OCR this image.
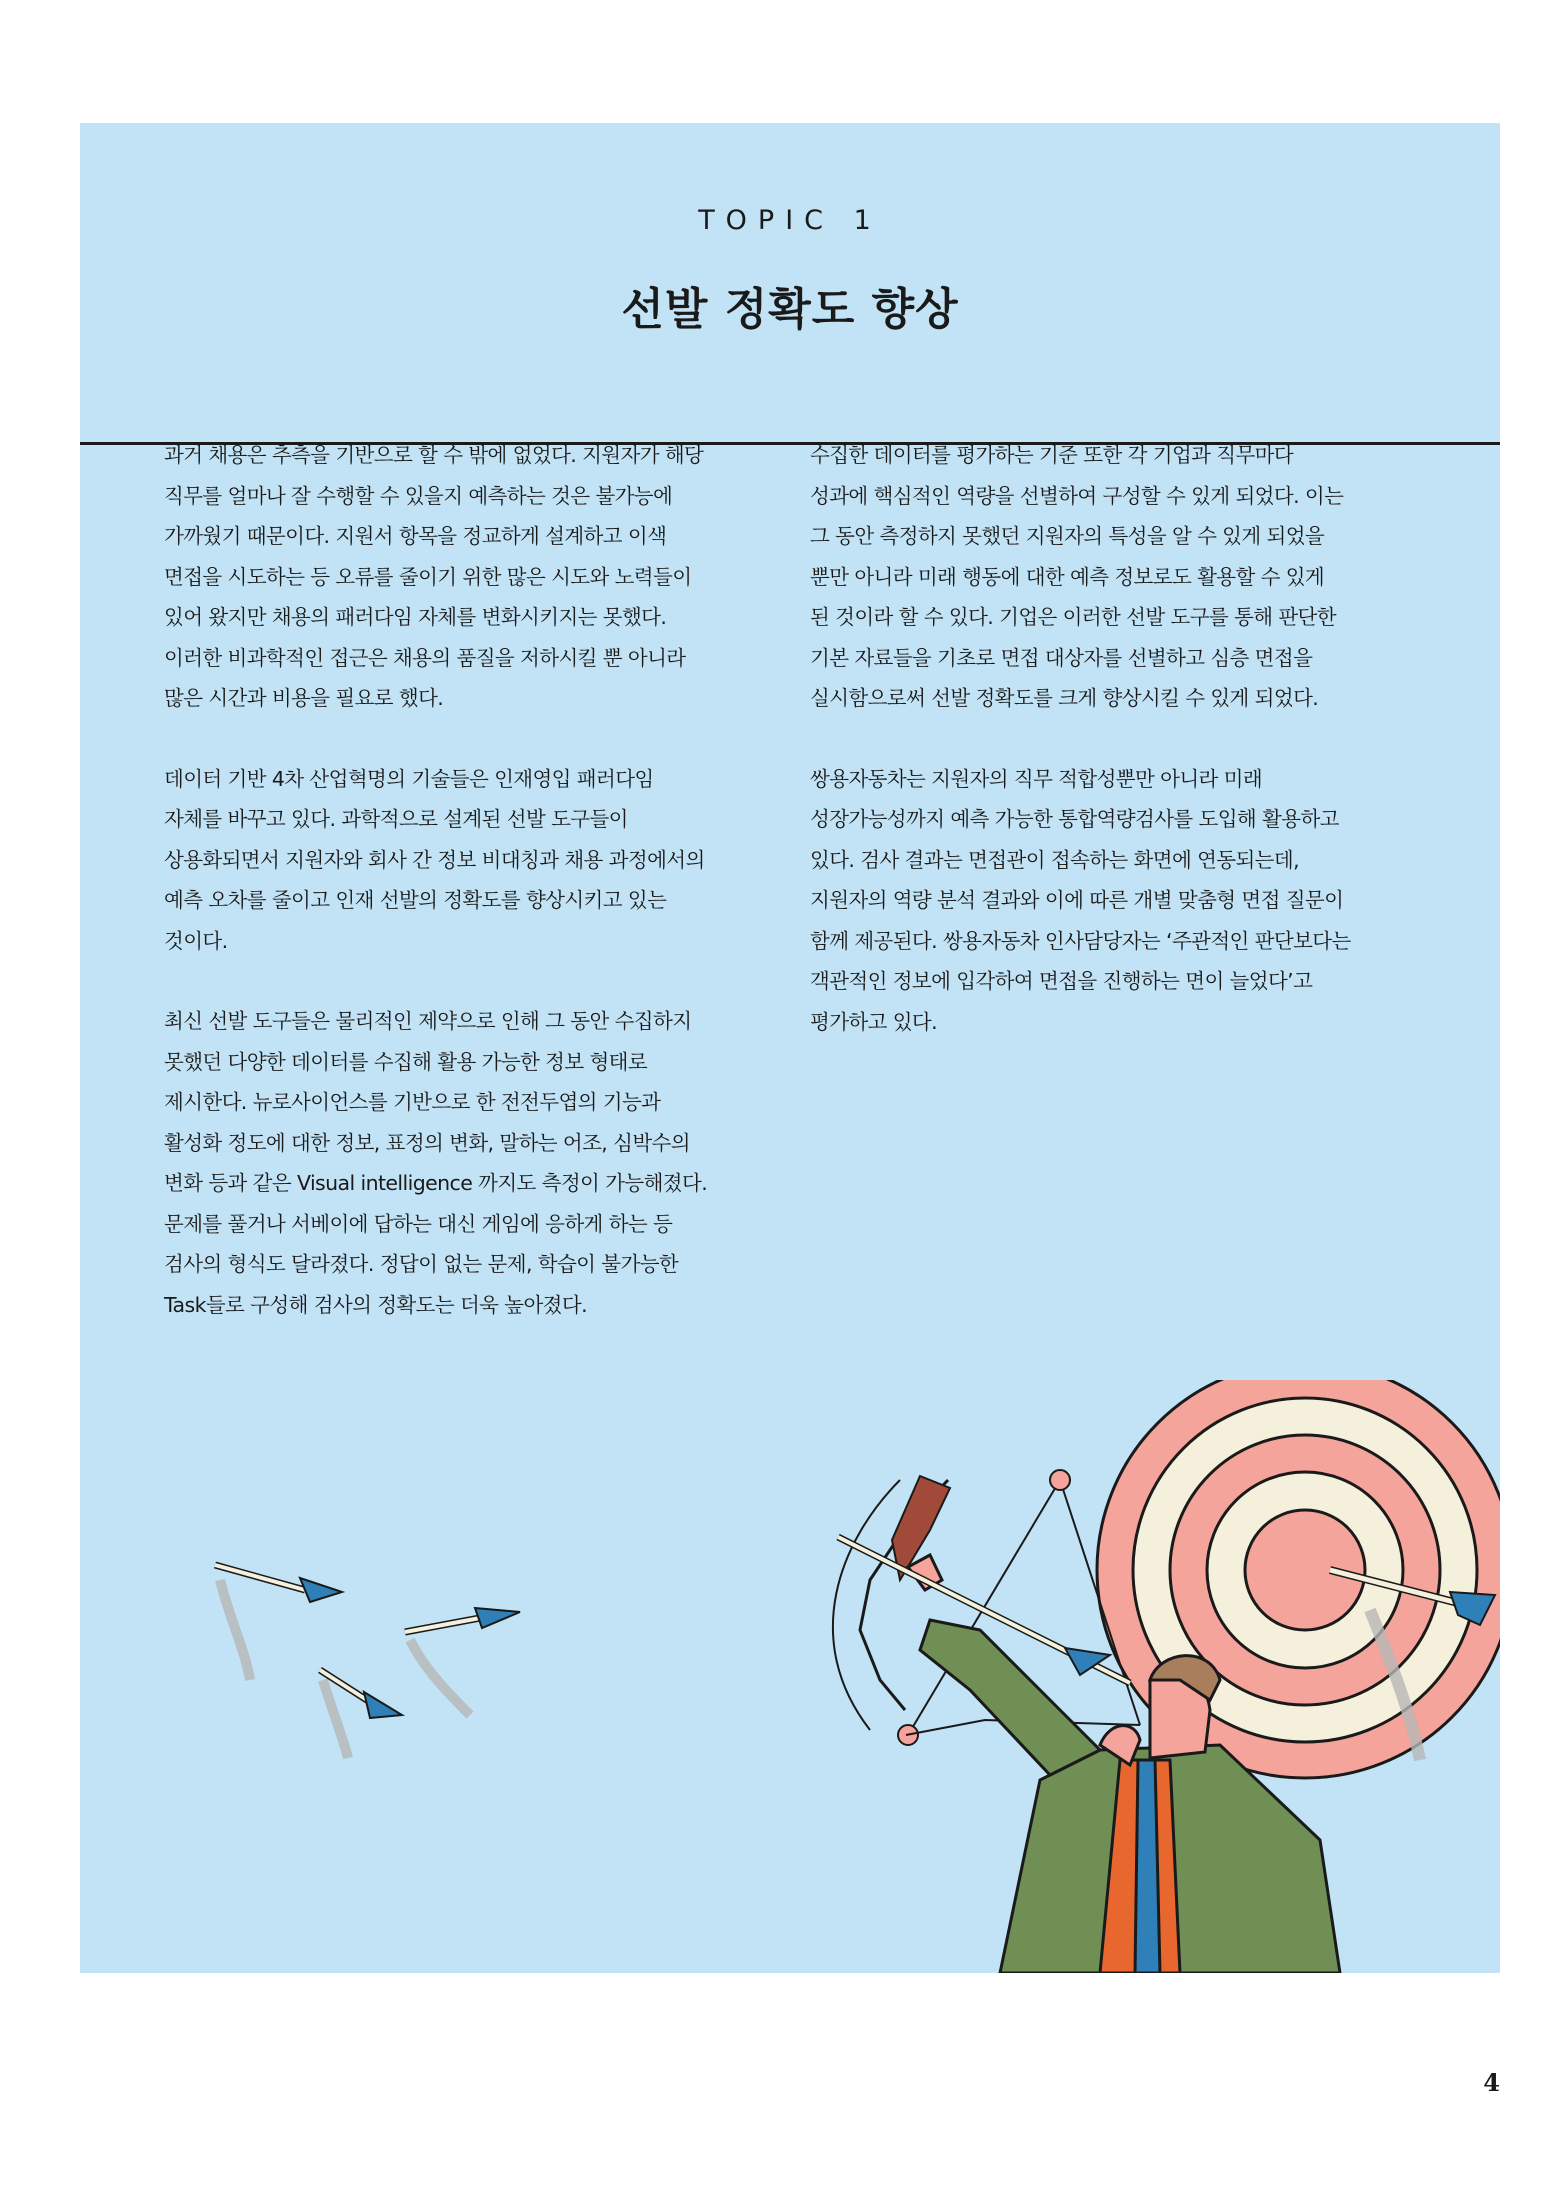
TOPIC 1
선발 정확도 향상

과거 채용은 추측을 기반으로 할 수 밖에 없었다. 지원자가 해당
직무를 얼마나 잘 수행할 수 있을지 예측하는 것은 불가능에
가까웠기 때문이다. 지원서 항목을 정교하게 설계하고 이색
면접을 시도하는 등 오류를 줄이기 위한 많은 시도와 노력들이
있어 왔지만 채용의 패러다임 자체를 변화시키지는 못했다.
이러한 비과학적인 접근은 채용의 품질을 저하시킬 뿐 아니라
많은 시간과 비용을 필요로 했다.

데이터 기반 4차 산업혁명의 기술들은 인재영입 패러다임
자체를 바꾸고 있다. 과학적으로 설계된 선발 도구들이
상용화되면서 지원자와 회사 간 정보 비대칭과 채용 과정에서의
예측 오차를 줄이고 인재 선발의 정확도를 향상시키고 있는
것이다.

최신 선발 도구들은 물리적인 제약으로 인해 그 동안 수집하지
못했던 다양한 데이터를 수집해 활용 가능한 정보 형태로
제시한다. 뉴로사이언스를 기반으로 한 전전두엽의 기능과
활성화 정도에 대한 정보, 표정의 변화, 말하는 어조, 심박수의
변화 등과 같은 Visual intelligence 까지도 측정이 가능해졌다.
문제를 풀거나 서베이에 답하는 대신 게임에 응하게 하는 등
검사의 형식도 달라졌다. 정답이 없는 문제, 학습이 불가능한
Task들로 구성해 검사의 정확도는 더욱 높아졌다.

수집한 데이터를 평가하는 기준 또한 각 기업과 직무마다
성과에 핵심적인 역량을 선별하여 구성할 수 있게 되었다. 이는
그 동안 측정하지 못했던 지원자의 특성을 알 수 있게 되었을
뿐만 아니라 미래 행동에 대한 예측 정보로도 활용할 수 있게
된 것이라 할 수 있다. 기업은 이러한 선발 도구를 통해 판단한
기본 자료들을 기초로 면접 대상자를 선별하고 심층 면접을
실시함으로써 선발 정확도를 크게 향상시킬 수 있게 되었다.

쌍용자동차는 지원자의 직무 적합성뿐만 아니라 미래
성장가능성까지 예측 가능한 통합역량검사를 도입해 활용하고
있다. 검사 결과는 면접관이 접속하는 화면에 연동되는데,
지원자의 역량 분석 결과와 이에 따른 개별 맞춤형 면접 질문이
함께 제공된다. 쌍용자동차 인사담당자는 ‘주관적인 판단보다는
객관적인 정보에 입각하여 면접을 진행하는 면이 늘었다’고
평가하고 있다.

4
